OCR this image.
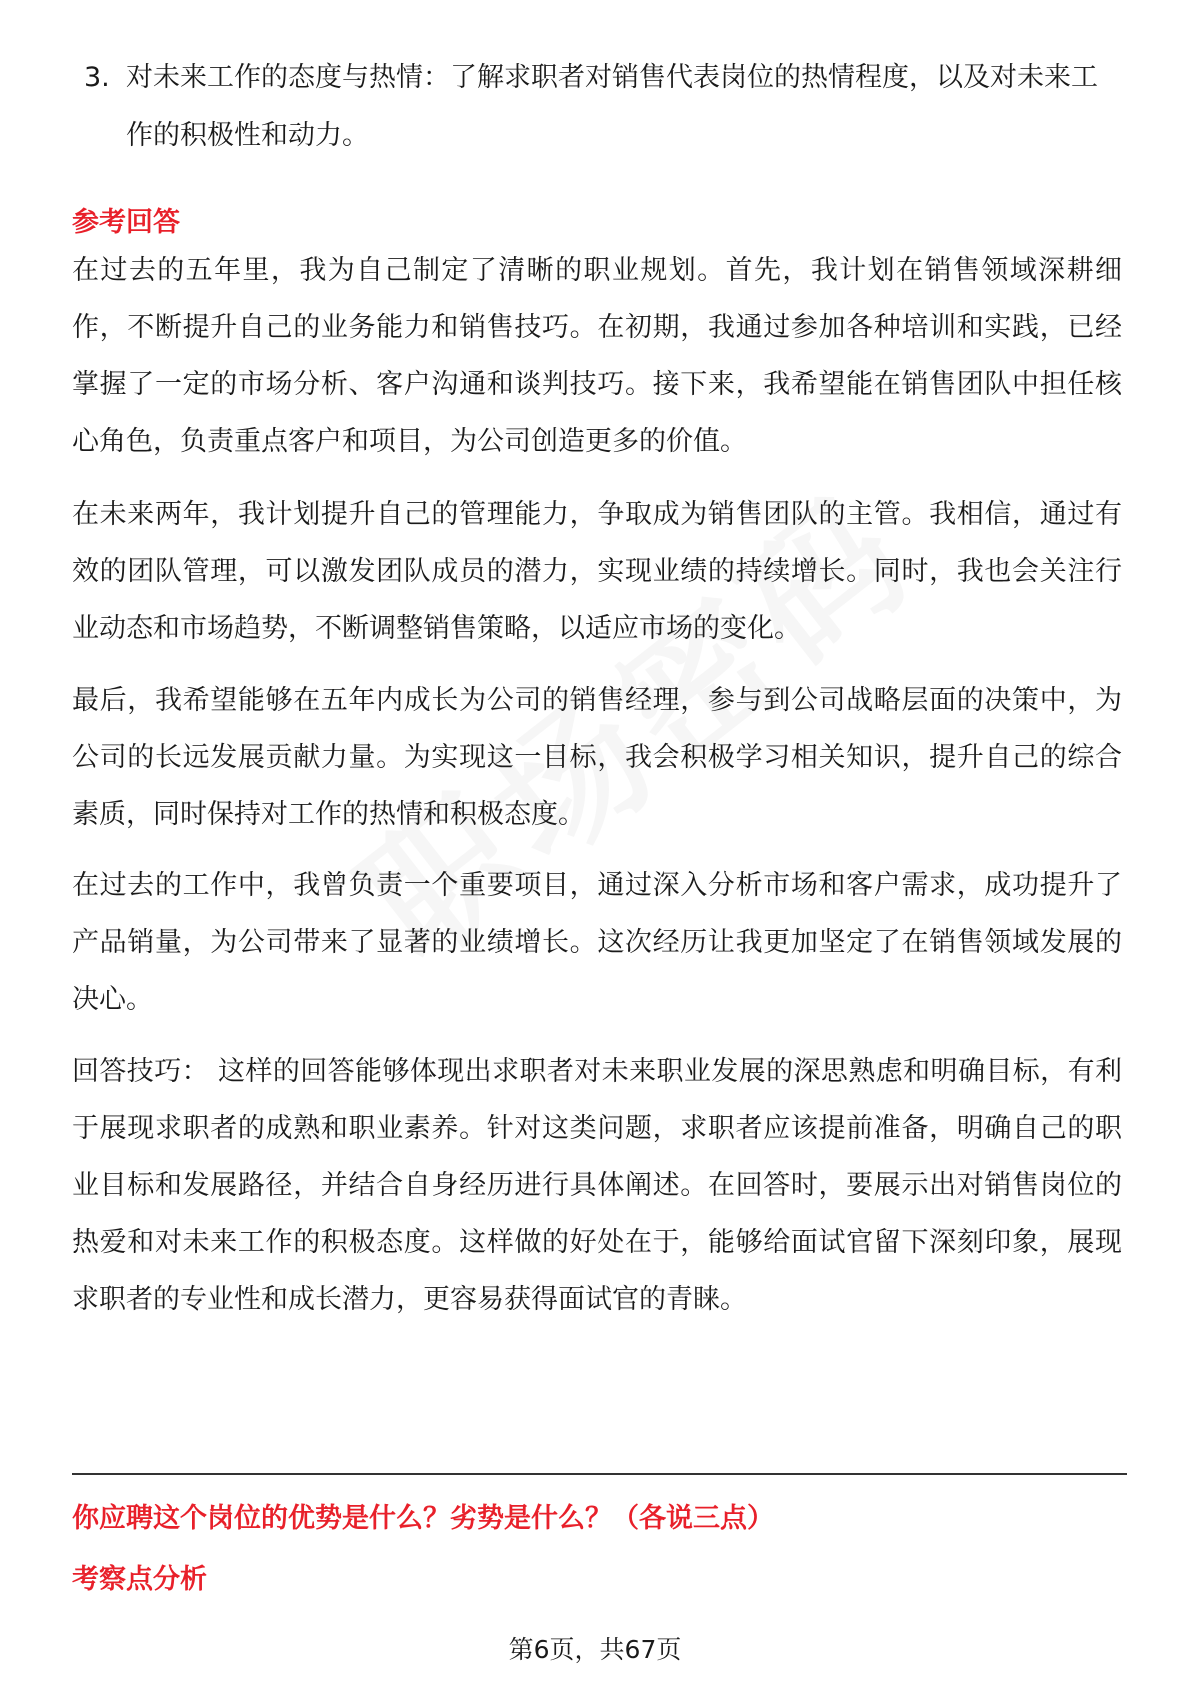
3. 对未来工作的态度与热情：了解求职者对销售代表岗位的热情程度，以及对未来工作的积极性和动力。
参考回答
在过去的五年里，我为自己制定了清晰的职业规划。首先，我计划在销售领域深耕细作，不断提升自己的业务能力和销售技巧。在初期，我通过参加各种培训和实践，已经掌握了一定的市场分析、客户沟通和谈判技巧。接下来，我希望能在销售团队中担任核心角色，负责重点客户和项目，为公司创造更多的价值。
在未来两年，我计划提升自己的管理能力，争取成为销售团队的主管。我相信，通过有效的团队管理，可以激发团队成员的潜力，实现业绩的持续增长。同时，我也会关注行业动态和市场趋势，不断调整销售策略，以适应市场的变化。
最后，我希望能够在五年内成长为公司的销售经理，参与到公司战略层面的决策中，为公司的长远发展贡献力量。为实现这一目标，我会积极学习相关知识，提升自己的综合素质，同时保持对工作的热情和积极态度。
在过去的工作中，我曾负责一个重要项目，通过深入分析市场和客户需求，成功提升了产品销量，为公司带来了显著的业绩增长。这次经历让我更加坚定了在销售领域发展的决心。
回答技巧： 这样的回答能够体现出求职者对未来职业发展的深思熟虑和明确目标，有利于展现求职者的成熟和职业素养。针对这类问题，求职者应该提前准备，明确自己的职业目标和发展路径，并结合自身经历进行具体阐述。在回答时，要展示出对销售岗位的热爱和对未来工作的积极态度。这样做的好处在于，能够给面试官留下深刻印象，展现求职者的专业性和成长潜力，更容易获得面试官的青睐。
你应聘这个岗位的优势是什么？劣势是什么？（各说三点）
考察点分析
第6页，共67页
